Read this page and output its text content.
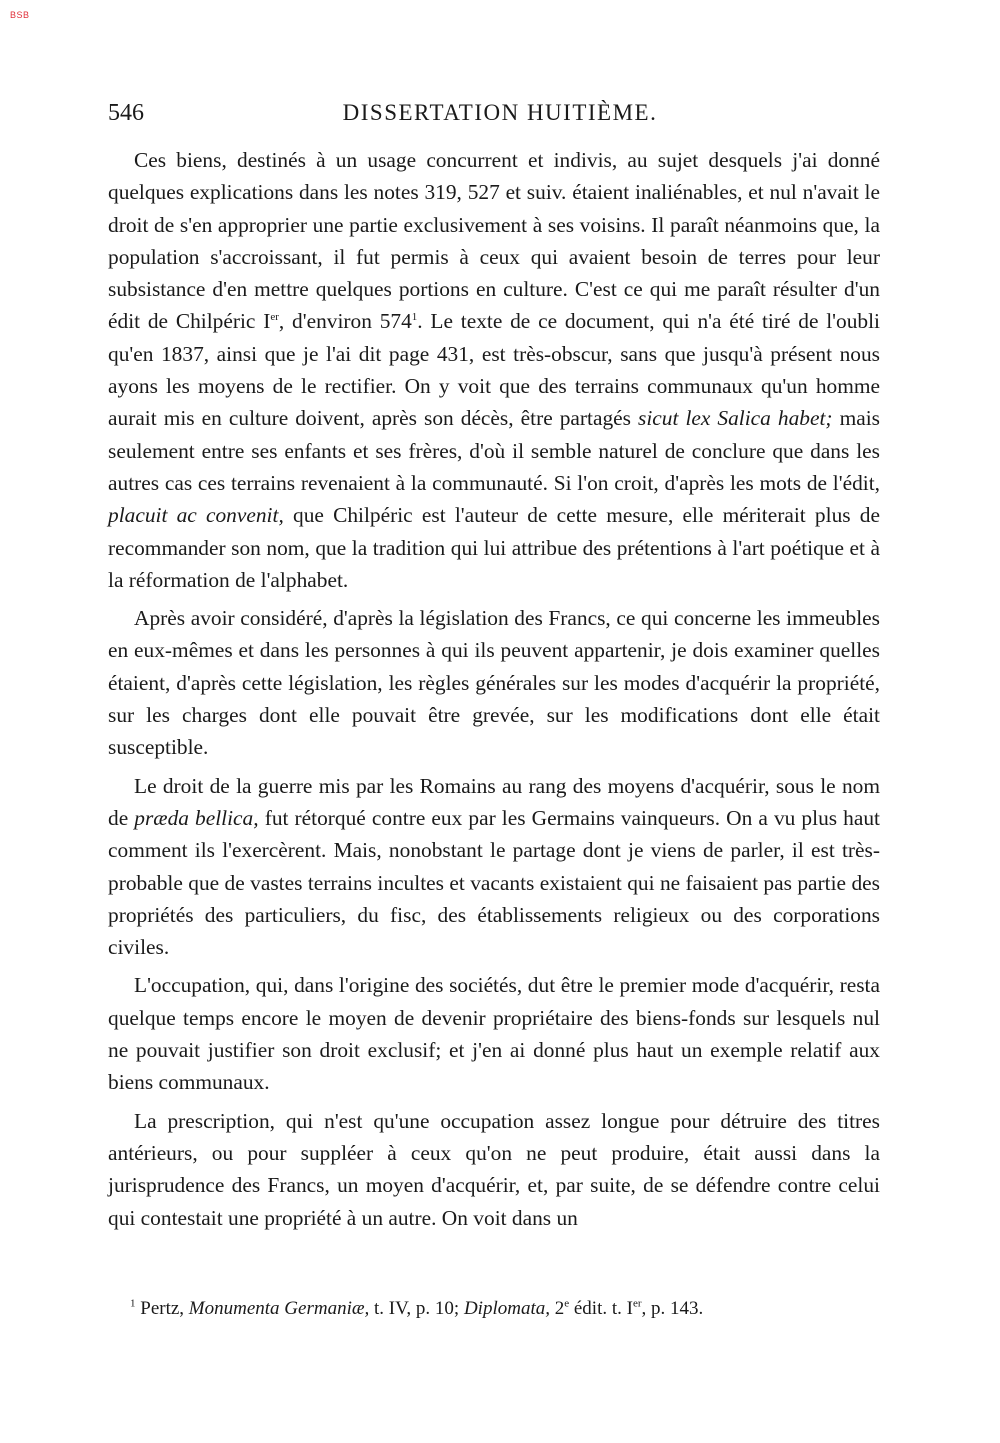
BSB
546	DISSERTATION HUITIÈME.

Ces biens, destinés à un usage concurrent et indivis, au sujet desquels j'ai donné quelques explications dans les notes 319, 527 et suiv. étaient inaliénables, et nul n'avait le droit de s'en approprier une partie exclusivement à ses voisins. Il paraît néanmoins que, la population s'accroissant, il fut permis à ceux qui avaient besoin de terres pour leur subsistance d'en mettre quelques portions en culture. C'est ce qui me paraît résulter d'un édit de Chilpéric Ier, d'environ $574^1$. Le texte de ce document, qui n'a été tiré de l'oubli qu'en 1837, ainsi que je l'ai dit page 431, est très-obscur, sans que jusqu'à présent nous ayons les moyens de le rectifier. On y voit que des terrains communaux qu'un homme aurait mis en culture doivent, après son décès, être partagés sicut lex Salica habet; mais seulement entre ses enfants et ses frères, d'où il semble naturel de conclure que dans les autres cas ces terrains revenaient à la communauté. Si l'on croit, d'après les mots de l'édit, placuit ac convenit, que Chilpéric est l'auteur de cette mesure, elle mériterait plus de recommander son nom, que la tradition qui lui attribue des prétentions à l'art poétique et à la réformation de l'alphabet.

Après avoir considéré, d'après la législation des Francs, ce qui concerne les immeubles en eux-mêmes et dans les personnes à qui ils peuvent appartenir, je dois examiner quelles étaient, d'après cette législation, les règles générales sur les modes d'acquérir la propriété, sur les charges dont elle pouvait être grevée, sur les modifications dont elle était susceptible.

Le droit de la guerre mis par les Romains au rang des moyens d'acquérir, sous le nom de præda bellica, fut rétorqué contre eux par les Germains vainqueurs. On a vu plus haut comment ils l'exercèrent. Mais, nonobstant le partage dont je viens de parler, il est très-probable que de vastes terrains incultes et vacants existaient qui ne faisaient pas partie des propriétés des particuliers, du fisc, des établissements religieux ou des corporations civiles.

L'occupation, qui, dans l'origine des sociétés, dut être le premier mode d'acquérir, resta quelque temps encore le moyen de devenir propriétaire des biens-fonds sur lesquels nul ne pouvait justifier son droit exclusif; et j'en ai donné plus haut un exemple relatif aux biens communaux.

La prescription, qui n'est qu'une occupation assez longue pour détruire des titres antérieurs, ou pour suppléer à ceux qu'on ne peut produire, était aussi dans la jurisprudence des Francs, un moyen d'acquérir, et, par suite, de se défendre contre celui qui contestait une propriété à un autre. On voit dans un

$^1$ Pertz, Monumenta Germaniæ, t. IV, p. 10; Diplomata, 2e édit. t. Ier, p. 143.
